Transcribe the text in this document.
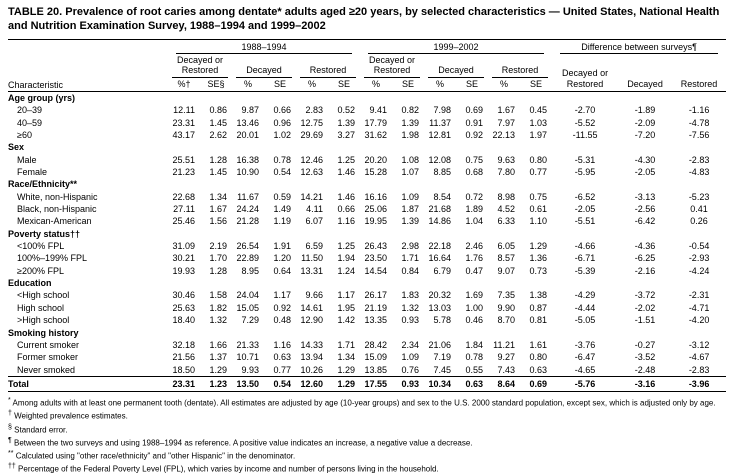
TABLE 20. Prevalence of root caries among dentate* adults aged ≥20 years, by selected characteristics — United States, National Health and Nutrition Examination Survey, 1988–1994 and 1999–2002
Characteristic	1988–1994						1999–2002						Difference between surveys¶		

	Decayed or Restored		Decayed		Restored		Decayed or Restored		Decayed		Restored		Decayed or Restored	Decayed	Restored
	%†	SE§	%	SE	%	SE	%	SE	%	SE	%	SE			
Age group (yrs)															
20–39	12.11	0.86	9.87	0.66	2.83	0.52	9.41	0.82	7.98	0.69	1.67	0.45	-2.70	-1.89	-1.16
40–59	23.31	1.45	13.46	0.96	12.75	1.39	17.79	1.39	11.37	0.91	7.97	1.03	-5.52	-2.09	-4.78
≥60	43.17	2.62	20.01	1.02	29.69	3.27	31.62	1.98	12.81	0.92	22.13	1.97	-11.55	-7.20	-7.56
Sex															
Male	25.51	1.28	16.38	0.78	12.46	1.25	20.20	1.08	12.08	0.75	9.63	0.80	-5.31	-4.30	-2.83
Female	21.23	1.45	10.90	0.54	12.63	1.46	15.28	1.07	8.85	0.68	7.80	0.77	-5.95	-2.05	-4.83
Race/Ethnicity**															
White, non-Hispanic	22.68	1.34	11.67	0.59	14.21	1.46	16.16	1.09	8.54	0.72	8.98	0.75	-6.52	-3.13	-5.23
Black, non-Hispanic	27.11	1.67	24.24	1.49	4.11	0.66	25.06	1.87	21.68	1.89	4.52	0.61	-2.05	-2.56	0.41
Mexican-American	25.46	1.56	21.28	1.19	6.07	1.16	19.95	1.39	14.86	1.04	6.33	1.10	-5.51	-6.42	0.26
Poverty status††															
<100% FPL	31.09	2.19	26.54	1.91	6.59	1.25	26.43	2.98	22.18	2.46	6.05	1.29	-4.66	-4.36	-0.54
100%–199% FPL	30.21	1.70	22.89	1.20	11.50	1.94	23.50	1.71	16.64	1.76	8.57	1.36	-6.71	-6.25	-2.93
≥200% FPL	19.93	1.28	8.95	0.64	13.31	1.24	14.54	0.84	6.79	0.47	9.07	0.73	-5.39	-2.16	-4.24
Education															
<High school	30.46	1.58	24.04	1.17	9.66	1.17	26.17	1.83	20.32	1.69	7.35	1.38	-4.29	-3.72	-2.31
High school	25.63	1.82	15.05	0.92	14.61	1.95	21.19	1.32	13.03	1.00	9.90	0.87	-4.44	-2.02	-4.71
>High school	18.40	1.32	7.29	0.48	12.90	1.42	13.35	0.93	5.78	0.46	8.70	0.81	-5.05	-1.51	-4.20
Smoking history															
Current smoker	32.18	1.66	21.33	1.16	14.33	1.71	28.42	2.34	21.06	1.84	11.21	1.61	-3.76	-0.27	-3.12
Former smoker	21.56	1.37	10.71	0.63	13.94	1.34	15.09	1.09	7.19	0.78	9.27	0.80	-6.47	-3.52	-4.67
Never smoked	18.50	1.29	9.93	0.77	10.26	1.29	13.85	0.76	7.45	0.55	7.43	0.63	-4.65	-2.48	-2.83
Total	23.31	1.23	13.50	0.54	12.60	1.29	17.55	0.93	10.34	0.63	8.64	0.69	-5.76	-3.16	-3.96
* Among adults with at least one permanent tooth (dentate). All estimates are adjusted by age (10-year groups) and sex to the U.S. 2000 standard population, except sex, which is adjusted only by age.
† Weighted prevalence estimates.
§ Standard error.
¶ Between the two surveys and using 1988–1994 as reference. A positive value indicates an increase, a negative value a decrease.
** Calculated using "other race/ethnicity" and "other Hispanic" in the denominator.
†† Percentage of the Federal Poverty Level (FPL), which varies by income and number of persons living in the household.
